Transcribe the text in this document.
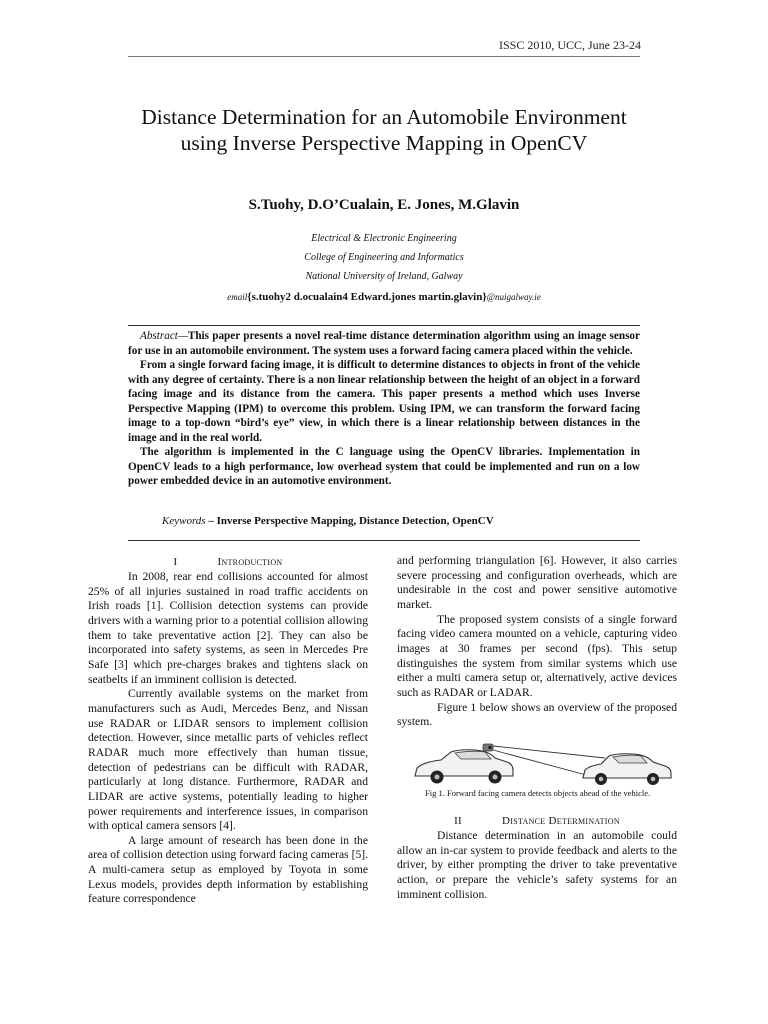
ISSC 2010, UCC, June 23-24
Distance Determination for an Automobile Environment using Inverse Perspective Mapping in OpenCV

S.Tuohy, D.O’Cualain, E. Jones, M.Glavin

Electrical & Electronic Engineering

College of Engineering and Informatics

National University of Ireland, Galway

email{s.tuohy2 d.ocualain4 Edward.jones martin.glavin}@nuigalway.ie

Abstract—This paper presents a novel real-time distance determination algorithm using an image sensor for use in an automobile environment. The system uses a forward facing camera placed within the vehicle.

From a single forward facing image, it is difficult to determine distances to objects in front of the vehicle with any degree of certainty. There is a non linear relationship between the height of an object in a forward facing image and its distance from the camera. This paper presents a method which uses Inverse Perspective Mapping (IPM) to overcome this problem. Using IPM, we can transform the forward facing image to a top-down “bird’s eye” view, in which there is a linear relationship between distances in the image and in the real world.

The algorithm is implemented in the C language using the OpenCV libraries. Implementation in OpenCV leads to a high performance, low overhead system that could be implemented and run on a low power embedded device in an automotive environment.

Keywords – Inverse Perspective Mapping, Distance Detection, OpenCV
I	Introduction

In 2008, rear end collisions accounted for almost 25% of all injuries sustained in road traffic accidents on Irish roads [1]. Collision detection systems can provide drivers with a warning prior to a potential collision allowing them to take preventative action [2]. They can also be incorporated into safety systems, as seen in Mercedes Pre Safe [3] which pre-charges brakes and tightens slack on seatbelts if an imminent collision is detected.

Currently available systems on the market from manufacturers such as Audi, Mercedes Benz, and Nissan use RADAR or LIDAR sensors to implement collision detection. However, since metallic parts of vehicles reflect RADAR much more effectively than human tissue, detection of pedestrians can be difficult with RADAR, particularly at long distance. Furthermore, RADAR and LIDAR are active systems, potentially leading to higher power requirements and interference issues, in comparison with optical camera sensors [4].

A large amount of research has been done in the area of collision detection using forward facing cameras [5]. A multi-camera setup as employed by Toyota in some Lexus models, provides depth information by establishing feature correspondence

and performing triangulation [6]. However, it also carries severe processing and configuration overheads, which are undesirable in the cost and power sensitive automotive market.

The proposed system consists of a single forward facing video camera mounted on a vehicle, capturing video images at 30 frames per second (fps). This setup distinguishes the system from similar systems which use either a multi camera setup or, alternatively, active devices such as RADAR or LADAR.

Figure 1 below shows an overview of the proposed system.

Fig 1. Forward facing camera detects objects ahead of the vehicle.
II	Distance Determination

Distance determination in an automobile could allow an in-car system to provide feedback and alerts to the driver, by either prompting the driver to take preventative action, or prepare the vehicle’s safety systems for an imminent collision.
